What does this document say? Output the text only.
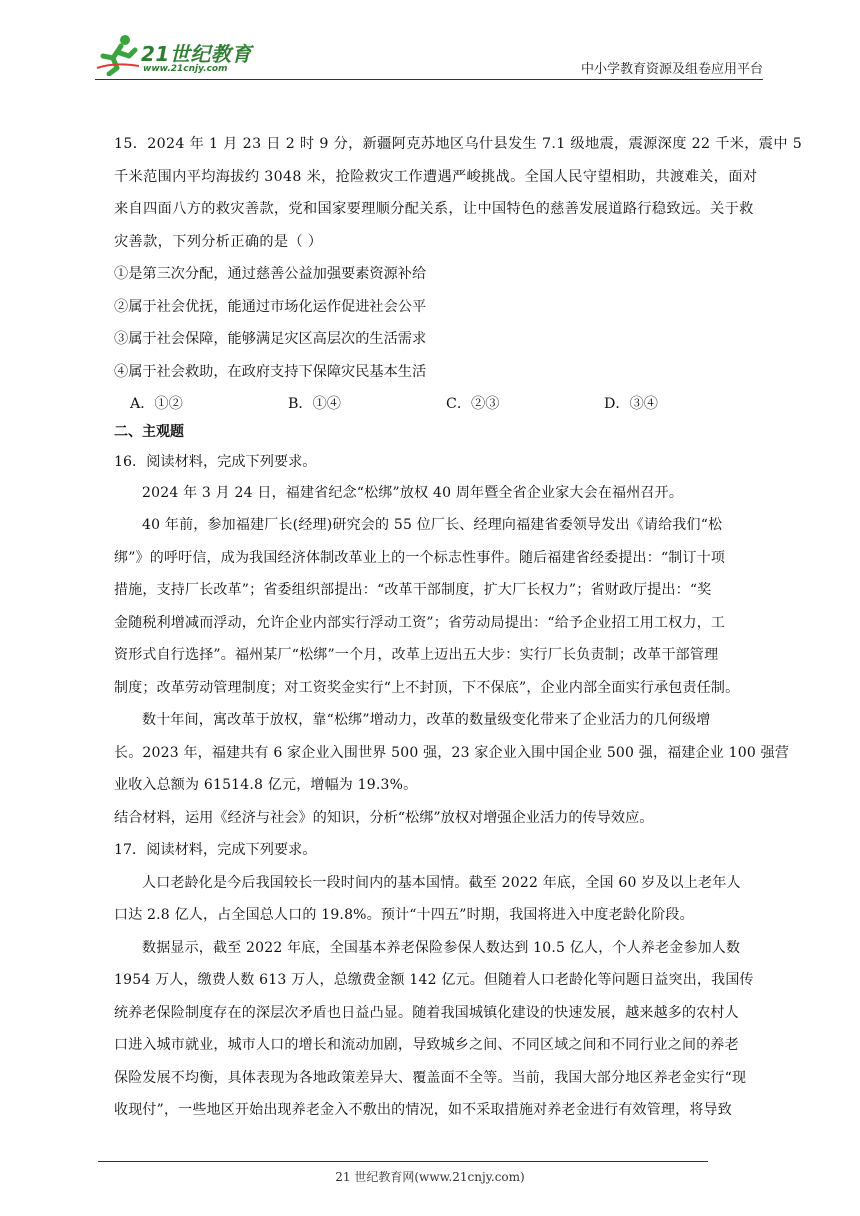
21世纪教育
www.21cnjy.com	中小学教育资源及组卷应用平台
15．2024 年 1 月 23 日 2 时 9 分，新疆阿克苏地区乌什县发生 7.1 级地震，震源深度 22 千米，震中 5
千米范围内平均海拔约 3048 米，抢险救灾工作遭遇严峻挑战。全国人民守望相助，共渡难关，面对
来自四面八方的救灾善款，党和国家要理顺分配关系，让中国特色的慈善发展道路行稳致远。关于救
灾善款，下列分析正确的是（ ）
①是第三次分配，通过慈善公益加强要素资源补给
②属于社会优抚，能通过市场化运作促进社会公平
③属于社会保障，能够满足灾区高层次的生活需求
④属于社会救助，在政府支持下保障灾民基本生活
A．①②	B．①④	C．②③	D．③④
二、主观题
16．阅读材料，完成下列要求。
2024 年 3 月 24 日，福建省纪念“松绑”放权 40 周年暨全省企业家大会在福州召开。
40 年前，参加福建厂长(经理)研究会的 55 位厂长、经理向福建省委领导发出《请给我们“松
绑”》的呼吁信，成为我国经济体制改革业上的一个标志性事件。随后福建省经委提出：“制订十项
措施，支持厂长改革”；省委组织部提出：“改革干部制度，扩大厂长权力”；省财政厅提出：“奖
金随税利增减而浮动，允许企业内部实行浮动工资”；省劳动局提出：“给予企业招工用工权力，工
资形式自行选择”。福州某厂“松绑”一个月，改革上迈出五大步：实行厂长负责制；改革干部管理
制度；改革劳动管理制度；对工资奖金实行“上不封顶，下不保底”，企业内部全面实行承包责任制。
数十年间，寓改革于放权，靠“松绑”增动力，改革的数量级变化带来了企业活力的几何级增
长。2023 年，福建共有 6 家企业入围世界 500 强，23 家企业入围中国企业 500 强，福建企业 100 强营
业收入总额为 61514.8 亿元，增幅为 19.3%。
结合材料，运用《经济与社会》的知识，分析“松绑”放权对增强企业活力的传导效应。
17．阅读材料，完成下列要求。
人口老龄化是今后我国较长一段时间内的基本国情。截至 2022 年底，全国 60 岁及以上老年人
口达 2.8 亿人，占全国总人口的 19.8%。预计“十四五”时期，我国将进入中度老龄化阶段。
数据显示，截至 2022 年底，全国基本养老保险参保人数达到 10.5 亿人，个人养老金参加人数
1954 万人，缴费人数 613 万人，总缴费金额 142 亿元。但随着人口老龄化等问题日益突出，我国传
统养老保险制度存在的深层次矛盾也日益凸显。随着我国城镇化建设的快速发展，越来越多的农村人
口进入城市就业，城市人口的增长和流动加剧，导致城乡之间、不同区域之间和不同行业之间的养老
保险发展不均衡，具体表现为各地政策差异大、覆盖面不全等。当前，我国大部分地区养老金实行“现
收现付”，一些地区开始出现养老金入不敷出的情况，如不采取措施对养老金进行有效管理，将导致
21 世纪教育网(www.21cnjy.com)
